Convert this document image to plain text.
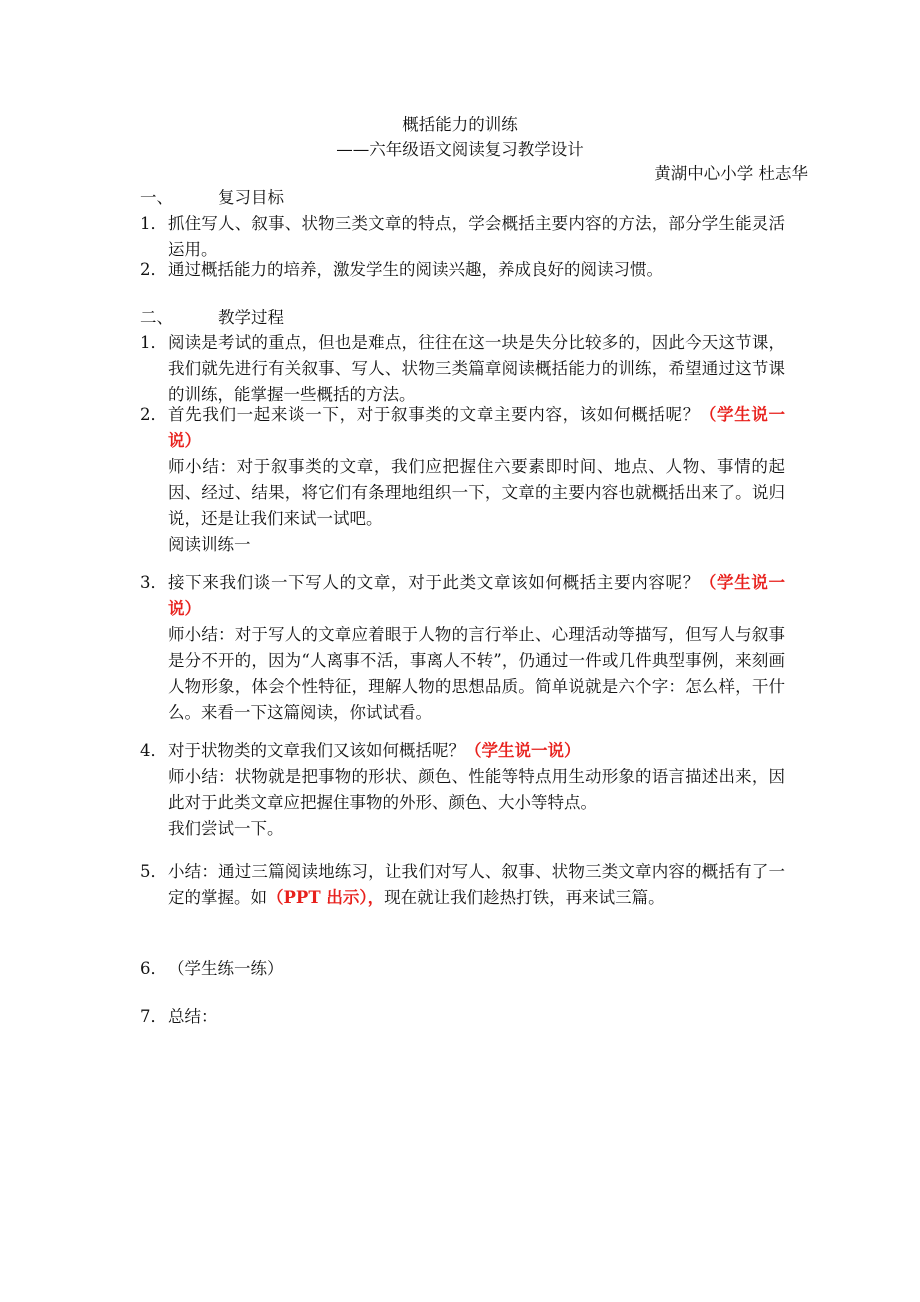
概括能力的训练
——六年级语文阅读复习教学设计
黄湖中心小学 杜志华
一、	复习目标
1． 抓住写人、叙事、状物三类文章的特点，学会概括主要内容的方法，部分学生能灵活运用。
2． 通过概括能力的培养，激发学生的阅读兴趣，养成良好的阅读习惯。
二、	教学过程
1． 阅读是考试的重点，但也是难点，往往在这一块是失分比较多的，因此今天这节课，我们就先进行有关叙事、写人、状物三类篇章阅读概括能力的训练，希望通过这节课的训练，能掌握一些概括的方法。
2． 首先我们一起来谈一下，对于叙事类的文章主要内容，该如何概括呢？（学生说一说）
师小结：对于叙事类的文章，我们应把握住六要素即时间、地点、人物、事情的起因、经过、结果，将它们有条理地组织一下，文章的主要内容也就概括出来了。说归说，还是让我们来试一试吧。
阅读训练一
3． 接下来我们谈一下写人的文章，对于此类文章该如何概括主要内容呢？（学生说一说）
师小结：对于写人的文章应着眼于人物的言行举止、心理活动等描写，但写人与叙事是分不开的，因为“人离事不活，事离人不转”，仍通过一件或几件典型事例，来刻画人物形象，体会个性特征，理解人物的思想品质。简单说就是六个字：怎么样，干什么。来看一下这篇阅读，你试试看。
4． 对于状物类的文章我们又该如何概括呢？（学生说一说）
师小结：状物就是把事物的形状、颜色、性能等特点用生动形象的语言描述出来，因此对于此类文章应把握住事物的外形、颜色、大小等特点。
我们尝试一下。
5． 小结：通过三篇阅读地练习，让我们对写人、叙事、状物三类文章内容的概括有了一定的掌握。如（PPT 出示），现在就让我们趁热打铁，再来试三篇。
6． （学生练一练）
7． 总结：
